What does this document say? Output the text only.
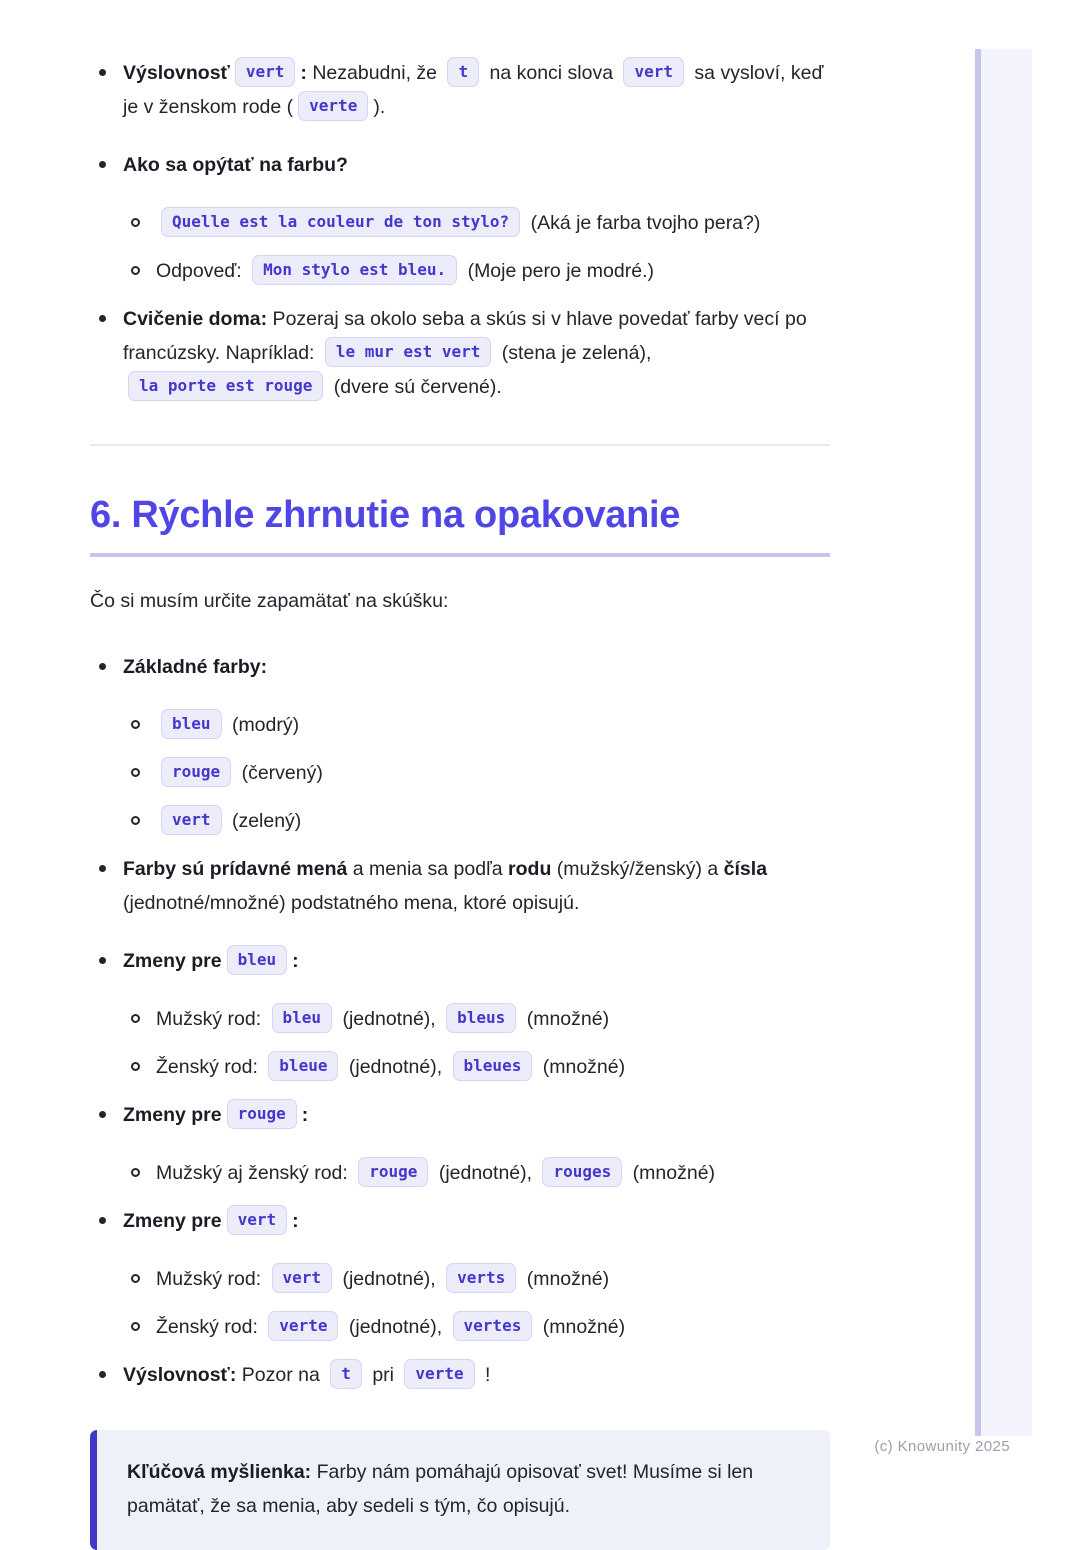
Výslovnosť vert : Nezabudni, že t na konci slova vert sa vysloví, keď je v ženskom rode ( verte ).
Ako sa opýtať na farbu?
Quelle est la couleur de ton stylo? (Aká je farba tvojho pera?)
Odpoveď: Mon stylo est bleu. (Moje pero je modré.)
Cvičenie doma: Pozeraj sa okolo seba a skús si v hlave povedať farby vecí po francúzsky. Napríklad: le mur est vert (stena je zelená), la porte est rouge (dvere sú červené).
6. Rýchle zhrnutie na opakovanie

Čo si musím určite zapamätať na skúšku:

Základné farby:
bleu (modrý)
rouge (červený)
vert (zelený)
Farby sú prídavné mená a menia sa podľa rodu (mužský/ženský) a čísla (jednotné/množné) podstatného mena, ktoré opisujú.
Zmeny pre bleu :
Mužský rod: bleu (jednotné), bleus (množné)
Ženský rod: bleue (jednotné), bleues (množné)
Zmeny pre rouge :
Mužský aj ženský rod: rouge (jednotné), rouges (množné)
Zmeny pre vert :
Mužský rod: vert (jednotné), verts (množné)
Ženský rod: verte (jednotné), vertes (množné)
Výslovnosť: Pozor na t pri verte !
Kľúčová myšlienka: Farby nám pomáhajú opisovať svet! Musíme si len pamätať, že sa menia, aby sedeli s tým, čo opisujú.
(c) Knowunity 2025
